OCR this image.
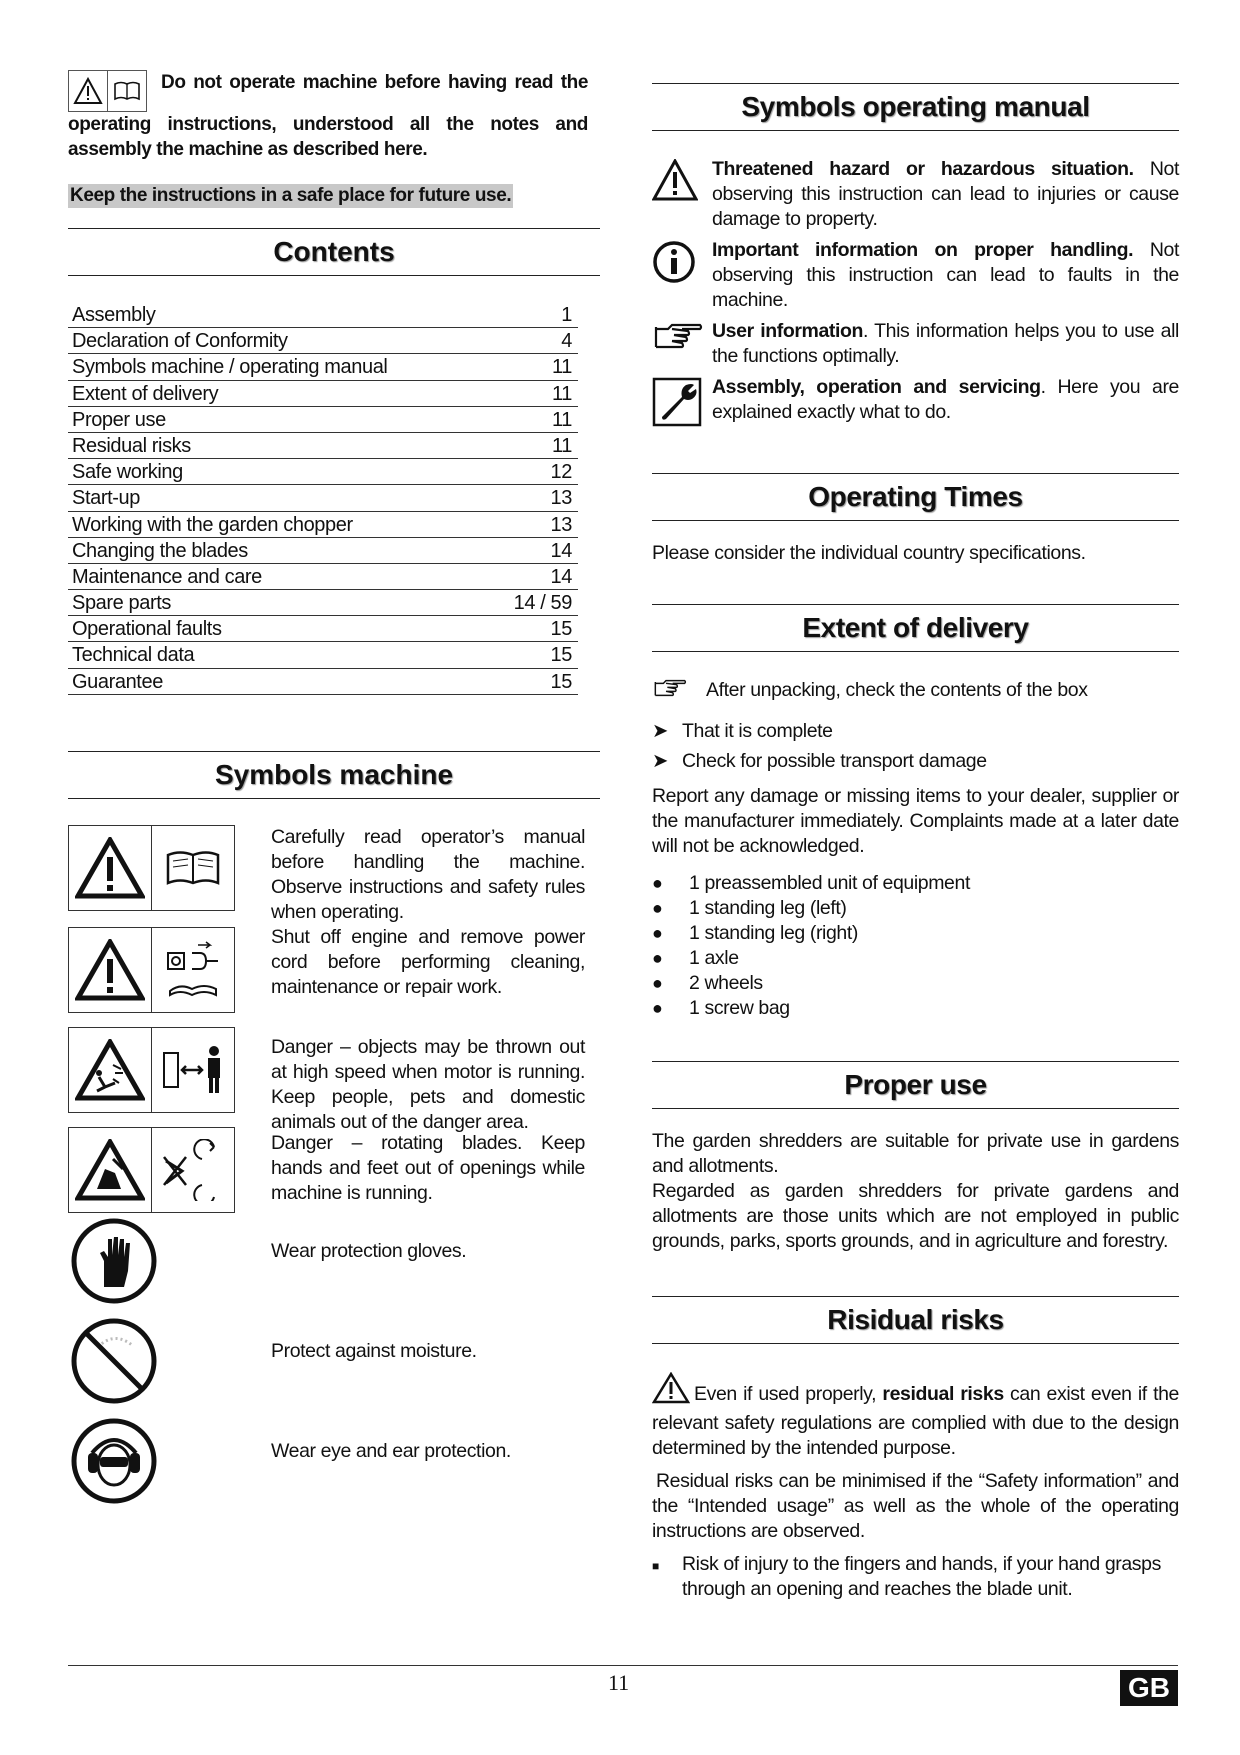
Do not operate machine before having read the operating instructions, understood all the notes and assembly the machine as described here.
Keep the instructions in a safe place for future use.
Contents
Assembly	1
Declaration of Conformity	4
Symbols machine / operating manual	11
Extent of delivery	11
Proper use	11
Residual risks	11
Safe working	12
Start-up	13
Working with the garden chopper	13
Changing the blades	14
Maintenance and care	14
Spare parts	14 / 59
Operational faults	15
Technical data	15
Guarantee	15
Symbols machine
Carefully read operator’s manual before handling the machine. Observe instructions and safety rules when operating.
Shut off engine and remove power cord before performing cleaning, maintenance or repair work.
Danger – objects may be thrown out at high speed when motor is running. Keep people, pets and domestic animals out of the danger area.
Danger – rotating blades. Keep hands and feet out of openings while machine is running.
Wear protection gloves.
Protect against moisture.
Wear eye and ear protection.
Symbols operating manual
Threatened hazard or hazardous situation. Not observing this instruction can lead to injuries or cause damage to property.
Important information on proper handling. Not observing this instruction can lead to faults in the machine.
User information. This information helps you to use all the functions optimally.
Assembly, operation and servicing. Here you are explained exactly what to do.
Operating Times
Please consider the individual country specifications.
Extent of delivery
After unpacking, check the contents of the box
➤ That it is complete
➤ Check for possible transport damage
Report any damage or missing items to your dealer, supplier or the manufacturer immediately. Complaints made at a later date will not be acknowledged.
●	1 preassembled unit of equipment
●	1 standing leg (left)
●	1 standing leg (right)
●	1 axle
●	2 wheels
●	1 screw bag
Proper use
The garden shredders are suitable for private use in gardens and allotments.
Regarded as garden shredders for private gardens and allotments are those units which are not employed in public grounds, parks, sports grounds, and in agriculture and forestry.
Risidual risks
Even if used properly, residual risks can exist even if the relevant safety regulations are complied with due to the design determined by the intended purpose.
Residual risks can be minimised if the “Safety information” and the “Intended usage” as well as the whole of the operating instructions are observed.
■	Risk of injury to the fingers and hands, if your hand grasps through an opening and reaches the blade unit.
11	GB
